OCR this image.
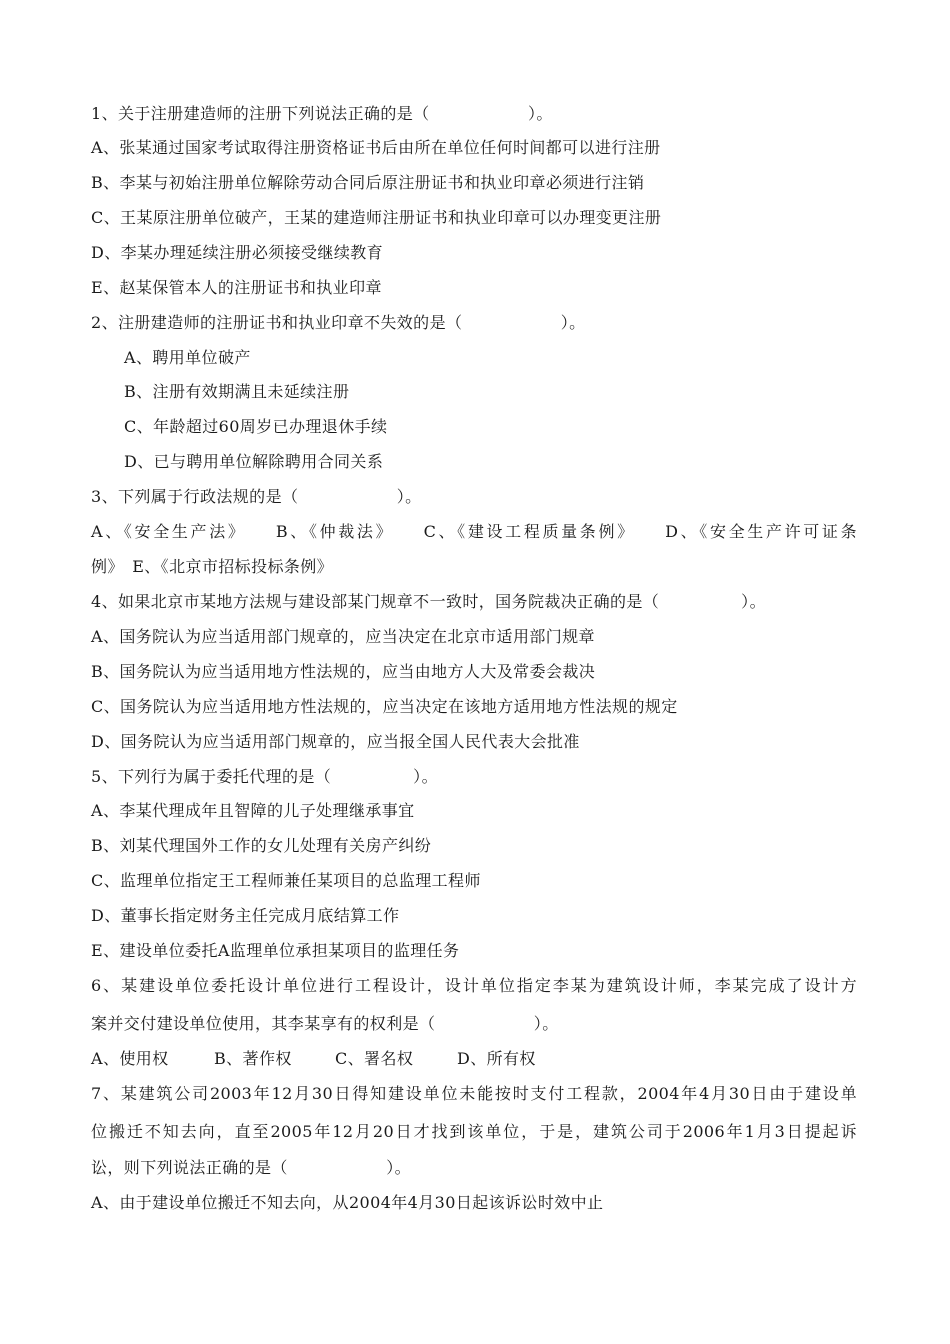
1、关于注册建造师的注册下列说法正确的是（　　　　　　）。
A、张某通过国家考试取得注册资格证书后由所在单位任何时间都可以进行注册
B、李某与初始注册单位解除劳动合同后原注册证书和执业印章必须进行注销
C、王某原注册单位破产，王某的建造师注册证书和执业印章可以办理变更注册
D、李某办理延续注册必须接受继续教育
E、赵某保管本人的注册证书和执业印章
2、注册建造师的注册证书和执业印章不失效的是（　　　　　　）。
A、聘用单位破产
B、注册有效期满且未延续注册
C、年龄超过60周岁已办理退休手续
D、已与聘用单位解除聘用合同关系
3、下列属于行政法规的是（　　　　　　）。
A、《安全生产法》　　B、《仲裁法》　　C、《建设工程质量条例》　　D、《安全生产许可证条
例》　E、《北京市招标投标条例》
4、如果北京市某地方法规与建设部某门规章不一致时，国务院裁决正确的是（　　　　　）。
A、国务院认为应当适用部门规章的，应当决定在北京市适用部门规章
B、国务院认为应当适用地方性法规的，应当由地方人大及常委会裁决
C、国务院认为应当适用地方性法规的，应当决定在该地方适用地方性法规的规定
D、国务院认为应当适用部门规章的，应当报全国人民代表大会批准
5、下列行为属于委托代理的是（　　　　　）。
A、李某代理成年且智障的儿子处理继承事宜
B、刘某代理国外工作的女儿处理有关房产纠纷
C、监理单位指定王工程师兼任某项目的总监理工程师
D、董事长指定财务主任完成月底结算工作
E、建设单位委托A监理单位承担某项目的监理任务
6、某建设单位委托设计单位进行工程设计，设计单位指定李某为建筑设计师，李某完成了设计方
案并交付建设单位使用，其李某享有的权利是（　　　　　　）。
A、使用权	B、著作权	C、署名权	D、所有权
7、某建筑公司2003年12月30日得知建设单位未能按时支付工程款，2004年4月30日由于建设单
位搬迁不知去向，直至2005年12月20日才找到该单位，于是，建筑公司于2006年1月3日提起诉
讼，则下列说法正确的是（　　　　　　）。
A、由于建设单位搬迁不知去向，从2004年4月30日起该诉讼时效中止
